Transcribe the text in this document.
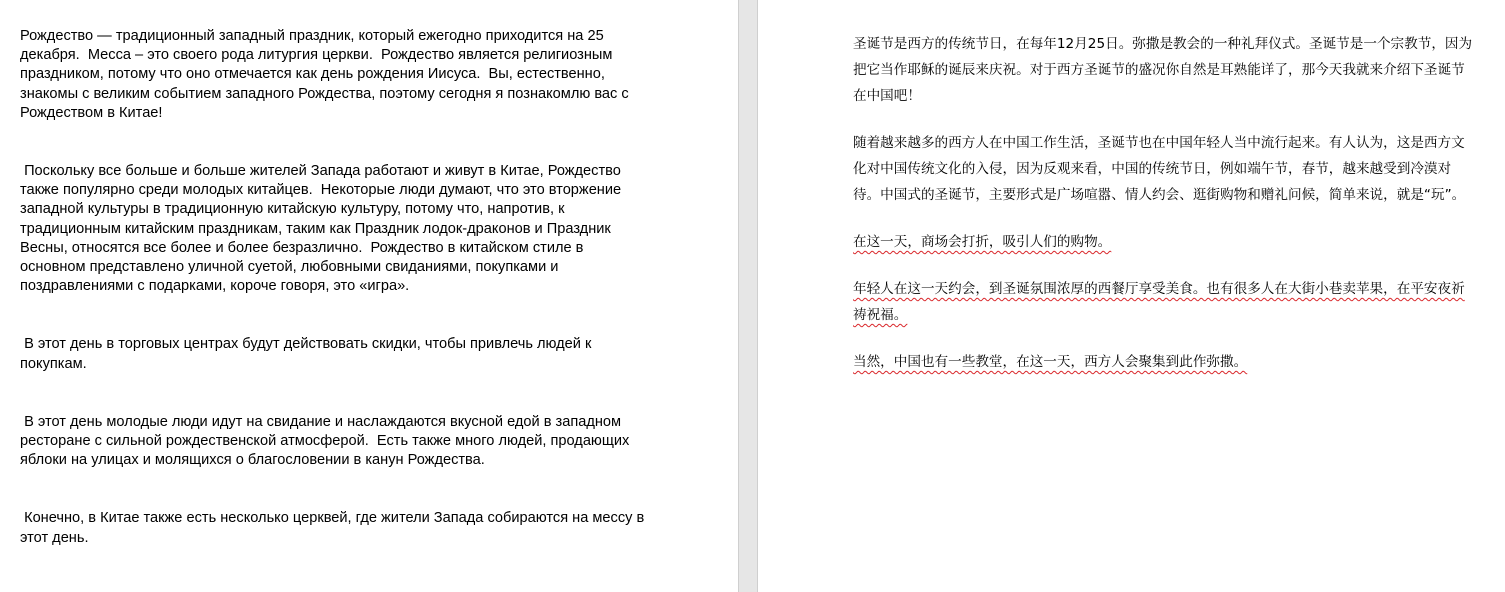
Рождество — традиционный западный праздник, который ежегодно приходится на 25 декабря.  Месса – это своего рода литургия церкви.  Рождество является религиозным праздником, потому что оно отмечается как день рождения Иисуса.  Вы, естественно, знакомы с великим событием западного Рождества, поэтому сегодня я познакомлю вас с Рождеством в Китае!

Поскольку все больше и больше жителей Запада работают и живут в Китае, Рождество также популярно среди молодых китайцев.  Некоторые люди думают, что это вторжение западной культуры в традиционную китайскую культуру, потому что, напротив, к традиционным китайским праздникам, таким как Праздник лодок-драконов и Праздник Весны, относятся все более и более безразлично.  Рождество в китайском стиле в основном представлено уличной суетой, любовными свиданиями, покупками и поздравлениями с подарками, короче говоря, это «игра».

В этот день в торговых центрах будут действовать скидки, чтобы привлечь людей к покупкам.

В этот день молодые люди идут на свидание и наслаждаются вкусной едой в западном ресторане с сильной рождественской атмосферой.  Есть также много людей, продающих яблоки на улицах и молящихся о благословении в канун Рождества.

Конечно, в Китае также есть несколько церквей, где жители Запада собираются на мессу в этот день.

圣诞节是西方的传统节日，在每年12月25日。弥撒是教会的一种礼拜仪式。圣诞节是一个宗教节，因为把它当作耶稣的诞辰来庆祝。对于西方圣诞节的盛况你自然是耳熟能详了，那今天我就来介绍下圣诞节在中国吧！

随着越来越多的西方人在中国工作生活，圣诞节也在中国年轻人当中流行起来。有人认为，这是西方文化对中国传统文化的入侵，因为反观来看，中国的传统节日，例如端午节，春节，越来越受到冷漠对待。中国式的圣诞节，主要形式是广场喧嚣、情人约会、逛街购物和赠礼问候，简单来说，就是“玩”。

在这一天，商场会打折，吸引人们的购物。

年轻人在这一天约会，到圣诞氛围浓厚的西餐厅享受美食。也有很多人在大街小巷卖苹果，在平安夜祈祷祝福。

当然，中国也有一些教堂，在这一天，西方人会聚集到此作弥撒。
